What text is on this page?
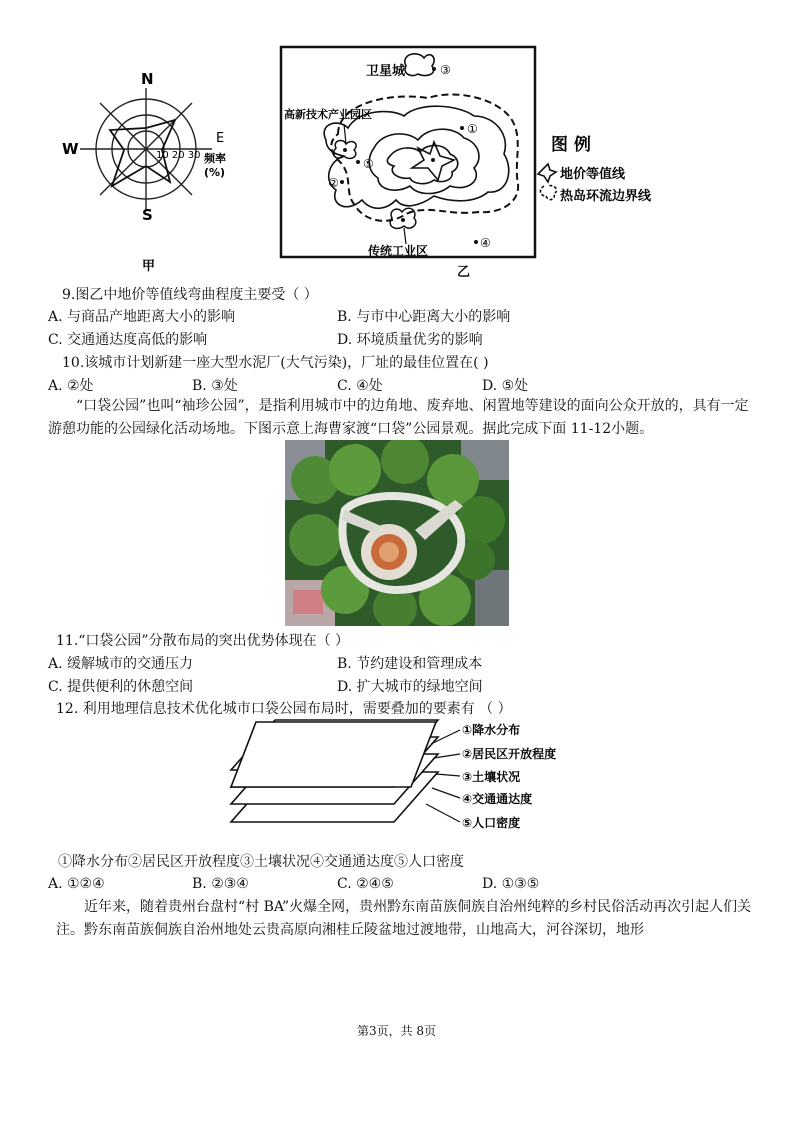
N
S
W
E
10 20 30 频率
(%)
甲
卫星城	③
高新技术产业园区
①
⑤
②
④
传统工业区
乙
图 例
地价等值线
热岛环流边界线
9.图乙中地价等值线弯曲程度主要受（ ）
A. 与商品产地距离大小的影响	B. 与市中心距离大小的影响
C. 交通通达度高低的影响	D. 环境质量优劣的影响
10.该城市计划新建一座大型水泥厂(大气污染)，厂址的最佳位置在( )
A. ②处	B. ③处	C. ④处	D. ⑤处
“口袋公园”也叫“袖珍公园”，是指利用城市中的边角地、废弃地、闲置地等建设的面向公众开放的，具有一定游憩功能的公园绿化活动场地。下图示意上海曹家渡“口袋”公园景观。据此完成下面 11-12小题。
11.“口袋公园”分散布局的突出优势体现在（ ）
A. 缓解城市的交通压力	B. 节约建设和管理成本
C. 提供便利的休憩空间	D. 扩大城市的绿地空间
12. 利用地理信息技术优化城市口袋公园布局时，需要叠加的要素有 （ ）
①降水分布
②居民区开放程度
③土壤状况
④交通通达度
⑤人口密度
①降水分布②居民区开放程度③土壤状况④交通通达度⑤人口密度
A. ①②④	B. ②③④	C. ②④⑤	D. ①③⑤
近年来，随着贵州台盘村“村 BA”火爆全网，贵州黔东南苗族侗族自治州纯粹的乡村民俗活动再次引起人们关注。黔东南苗族侗族自治州地处云贵高原向湘桂丘陵盆地过渡地带，山地高大，河谷深切，地形
第3页，共 8页
